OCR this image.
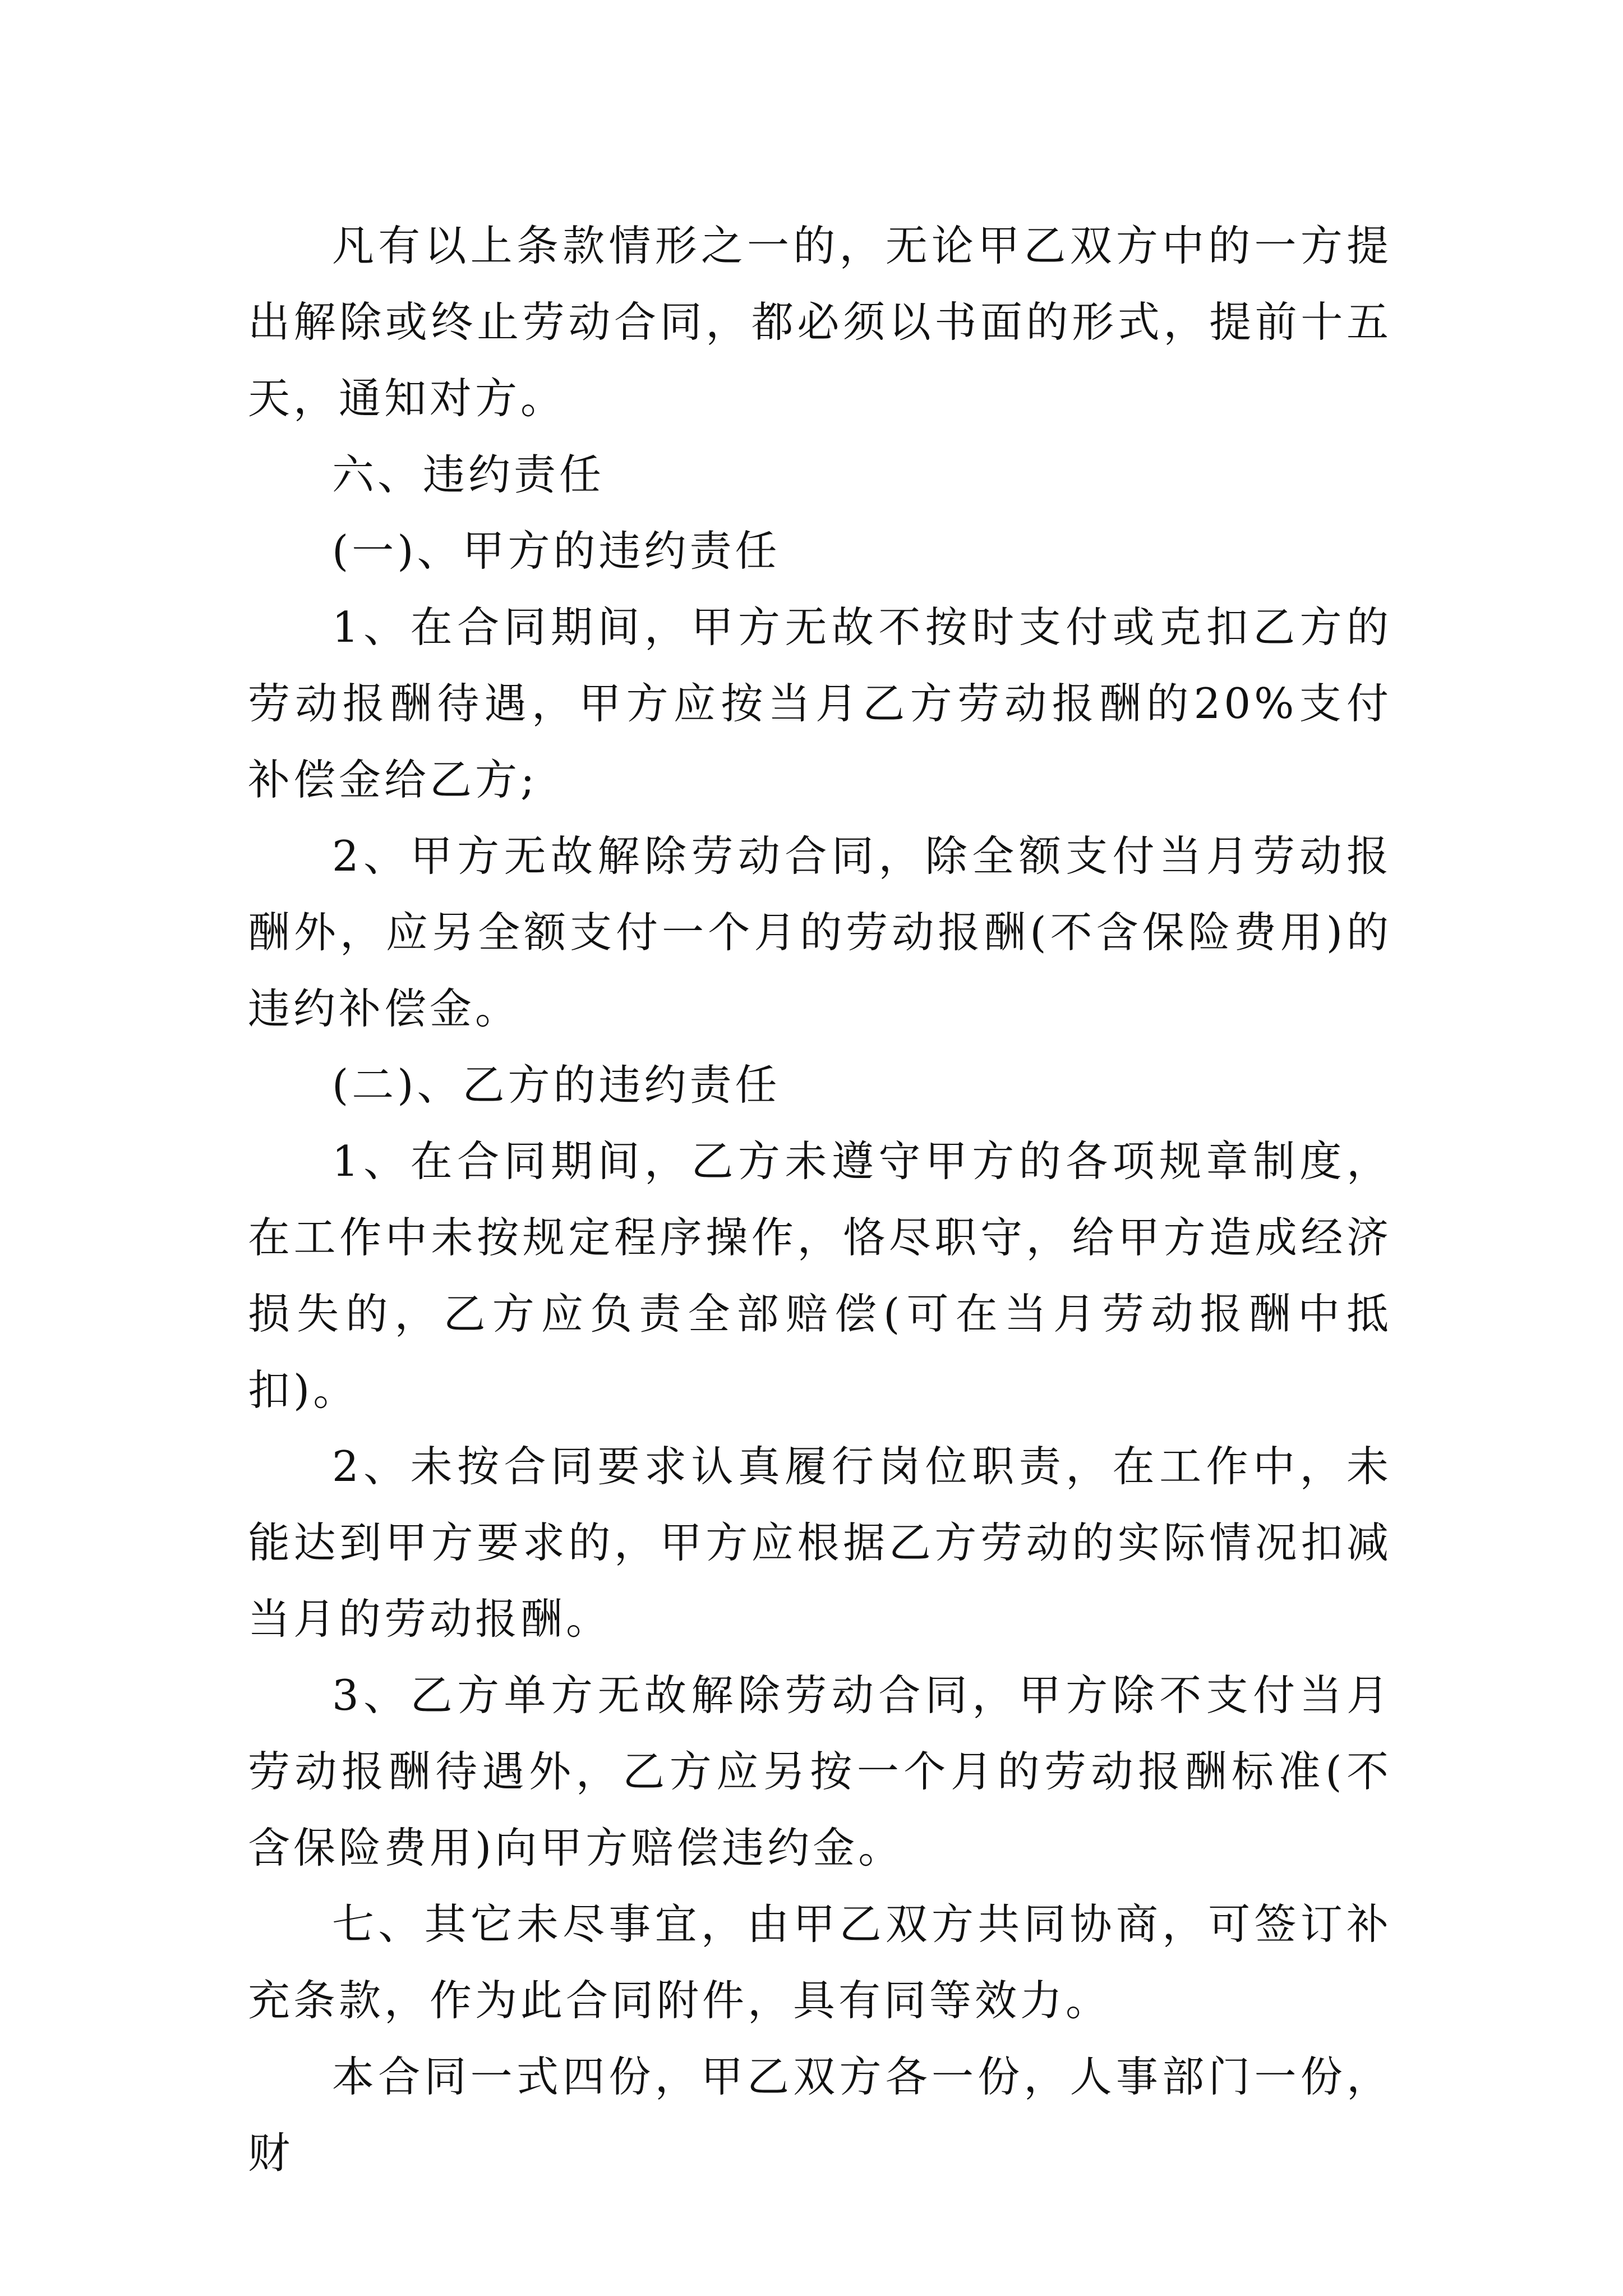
凡有以上条款情形之一的，无论甲乙双方中的一方提出解除或终止劳动合同，都必须以书面的形式，提前十五天，通知对方。

六、违约责任

(一)、甲方的违约责任

1、在合同期间，甲方无故不按时支付或克扣乙方的劳动报酬待遇，甲方应按当月乙方劳动报酬的20%支付补偿金给乙方;

2、甲方无故解除劳动合同，除全额支付当月劳动报酬外，应另全额支付一个月的劳动报酬(不含保险费用)的违约补偿金。

(二)、乙方的违约责任

1、在合同期间，乙方未遵守甲方的各项规章制度，在工作中未按规定程序操作，恪尽职守，给甲方造成经济损失的，乙方应负责全部赔偿(可在当月劳动报酬中抵扣)。

2、未按合同要求认真履行岗位职责，在工作中，未能达到甲方要求的，甲方应根据乙方劳动的实际情况扣减当月的劳动报酬。

3、乙方单方无故解除劳动合同，甲方除不支付当月劳动报酬待遇外，乙方应另按一个月的劳动报酬标准(不含保险费用)向甲方赔偿违约金。

七、其它未尽事宜，由甲乙双方共同协商，可签订补充条款，作为此合同附件，具有同等效力。

本合同一式四份，甲乙双方各一份，人事部门一份，财
